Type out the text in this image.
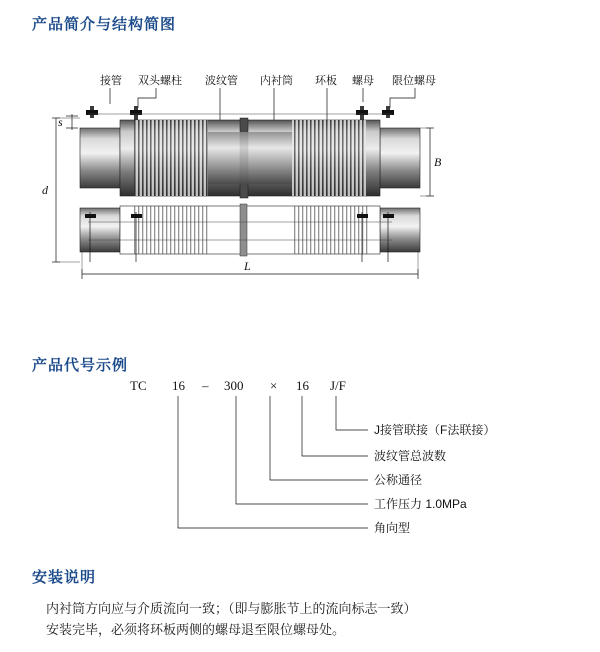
产品简介与结构简图
接管 双头螺柱 波纹管 内衬筒 环板 螺母 限位螺母
s
d
B
L
产品代号示例
TC 16 – 300 × 16 J/F
J接管联接（F法联接）
波纹管总波数
公称通径
工作压力 1.0MPa
角向型
安装说明
内衬筒方向应与介质流向一致；（即与膨胀节上的流向标志一致）
安装完毕，必须将环板两侧的螺母退至限位螺母处。
